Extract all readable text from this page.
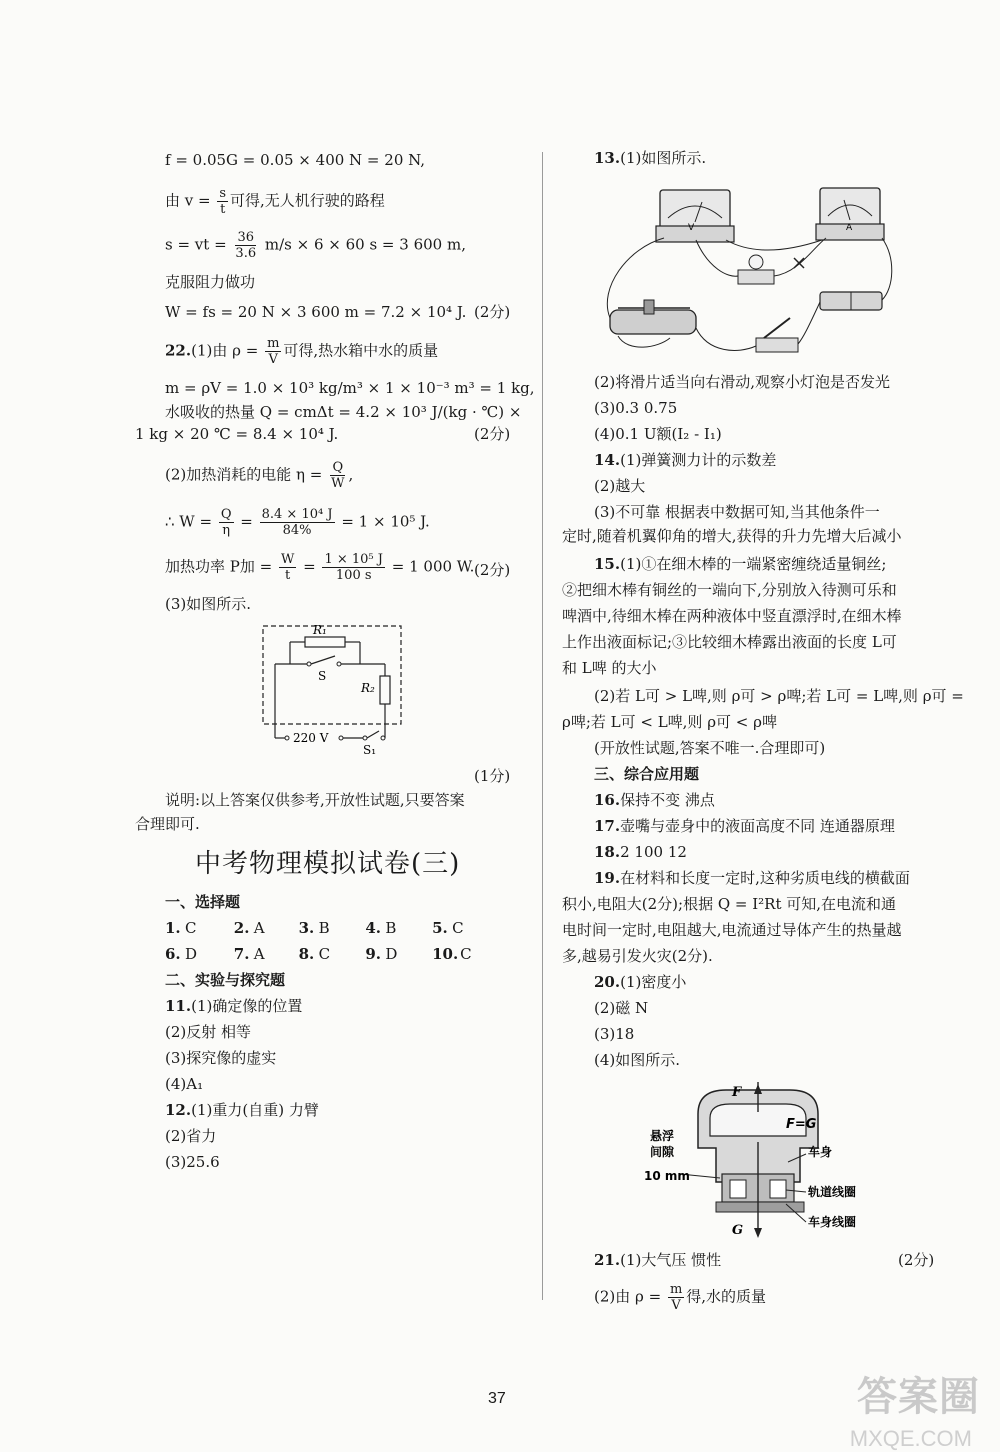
f = 0.05G = 0.05 × 400 N = 20 N,
由 $v = \frac{s}{t}$ 可得,无人机行驶的路程
s = vt = $\frac{36}{3.6} m/s \times 6 \times 60$ s = 3 600 m,
克服阻力做功
W = fs = 20 N × 3 600 m = 7.2 × 10⁴ J. (2分)
22.(1)由 $\rho = \frac{m}{V}$ 可得,热水箱中水的质量
m = ρV = 1.0 × 10³ kg/m³ × 1 × 10⁻³ m³ = 1 kg,
水吸收的热量 Q = cmΔt = 4.2 × 10³ J/(kg · ℃) ×
1 kg × 20 ℃ = 8.4 × 10⁴ J.	(2分)
(2)加热消耗的电能 $\eta = \frac{Q}{W}$ ,
∴ $W = \frac{Q}{\eta} = \frac{\text{8.4 × 10⁴ J}}{84\%} = 1 \times 10^5$ J.
加热功率 P加 = $\frac{W}{t} = \frac{\text{1 × 10⁵ J}}{100 s} = 1$ 000 W. (2分)
(3)如图所示.
R₁
S
R₂
220 V
S₁
(1分)
说明:以上答案仅供参考,开放性试题,只要答案
合理即可.
中考物理模拟试卷(三)
一、选择题
1. C 2. A 3. B 4. B 5. C
6. D 7. A 8. C 9. D 10. C
二、实验与探究题
11.(1)确定像的位置
(2)反射 相等
(3)探究像的虚实
(4)A₁
12.(1)重力(自重) 力臂
(2)省力
(3)25.6
13.(1)如图所示.
V	A
(2)将滑片适当向右滑动,观察小灯泡是否发光
(3)0.3 0.75
(4)0.1 U额(I₂ - I₁)
14.(1)弹簧测力计的示数差
(2)越大
(3)不可靠 根据表中数据可知,当其他条件一
定时,随着机翼仰角的增大,获得的升力先增大后减小
15.(1)①在细木棒的一端紧密缠绕适量铜丝;
②把细木棒有铜丝的一端向下,分别放入待测可乐和
啤酒中,待细木棒在两种液体中竖直漂浮时,在细木棒
上作出液面标记;③比较细木棒露出液面的长度 L可
和 L啤 的大小
(2)若 L可 > L啤,则 ρ可 > ρ啤;若 L可 = L啤,则 ρ可 =
ρ啤;若 L可 < L啤,则 ρ可 < ρ啤
(开放性试题,答案不唯一.合理即可)
三、综合应用题
16.保持不变 沸点
17.壶嘴与壶身中的液面高度不同 连通器原理
18.2 100 12
19.在材料和长度一定时,这种劣质电线的横截面
积小,电阻大(2分);根据 Q = I²Rt 可知,在电流和通
电时间一定时,电阻越大,电流通过导体产生的热量越
多,越易引发火灾(2分).
20.(1)密度小
(2)磁 N
(3)18
(4)如图所示.
F
F=G
悬浮
间隙	车身
10 mm
轨道线圈
G
车身线圈
21.(1)大气压 惯性	(2分)
(2)由 $\rho = \frac{m}{V}$ 得,水的质量
37	答案圈
MXQE.COM
